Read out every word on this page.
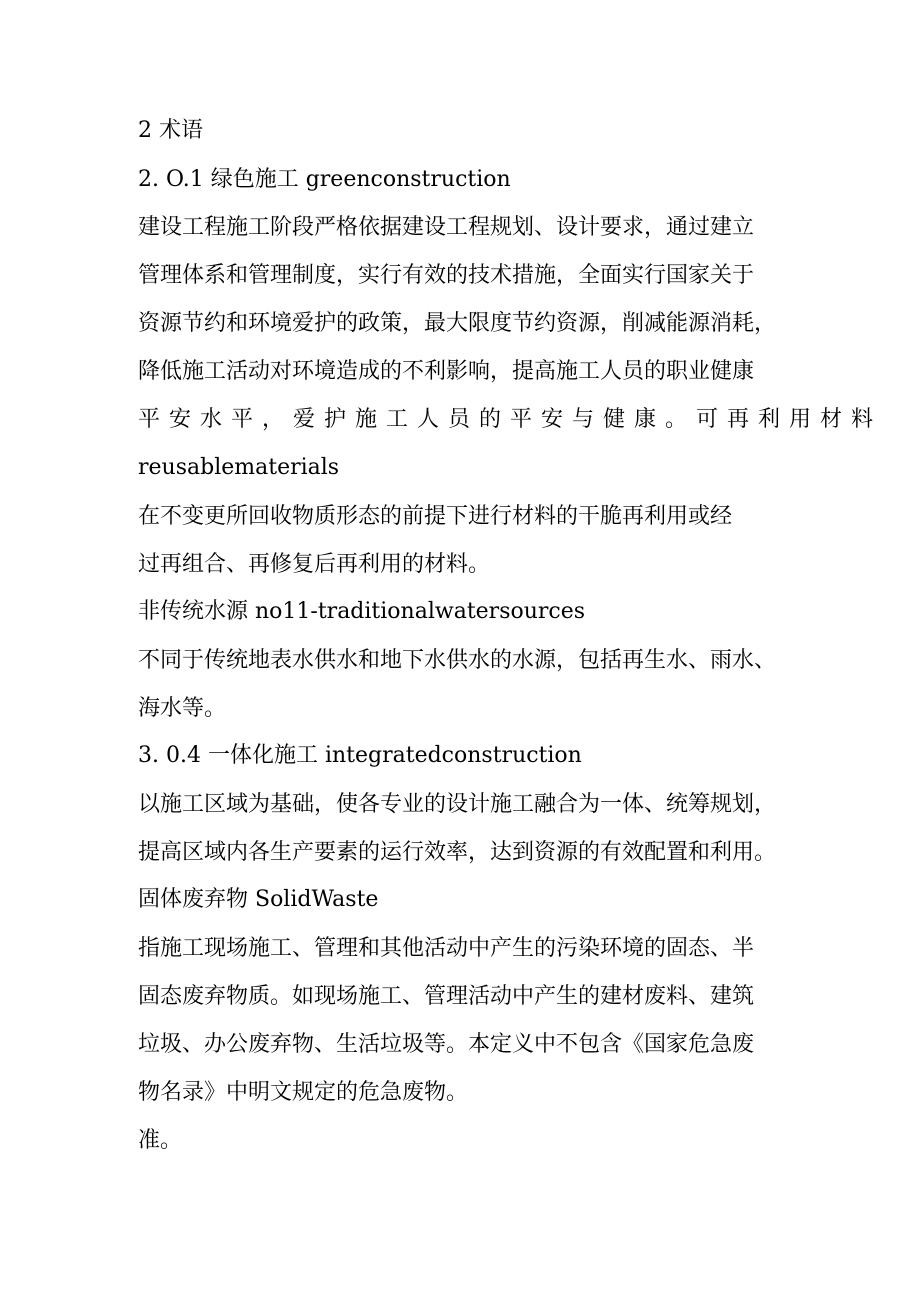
2 术语
2. O.1 绿色施工 greenconstruction
建设工程施工阶段严格依据建设工程规划、设计要求，通过建立
管理体系和管理制度，实行有效的技术措施，全面实行国家关于
资源节约和环境爱护的政策，最大限度节约资源，削减能源消耗，
降低施工活动对环境造成的不利影响，提高施工人员的职业健康
平安水平，爱护施工人员的平安与健康。可再利用材料
reusablematerials
在不变更所回收物质形态的前提下进行材料的干脆再利用或经
过再组合、再修复后再利用的材料。
非传统水源 no11-traditionalwatersources
不同于传统地表水供水和地下水供水的水源，包括再生水、雨水、
海水等。
3. 0.4 一体化施工 integratedconstruction
以施工区域为基础，使各专业的设计施工融合为一体、统筹规划，
提高区域内各生产要素的运行效率，达到资源的有效配置和利用。
固体废弃物 SolidWaste
指施工现场施工、管理和其他活动中产生的污染环境的固态、半
固态废弃物质。如现场施工、管理活动中产生的建材废料、建筑
垃圾、办公废弃物、生活垃圾等。本定义中不包含《国家危急废
物名录》中明文规定的危急废物。
准。
